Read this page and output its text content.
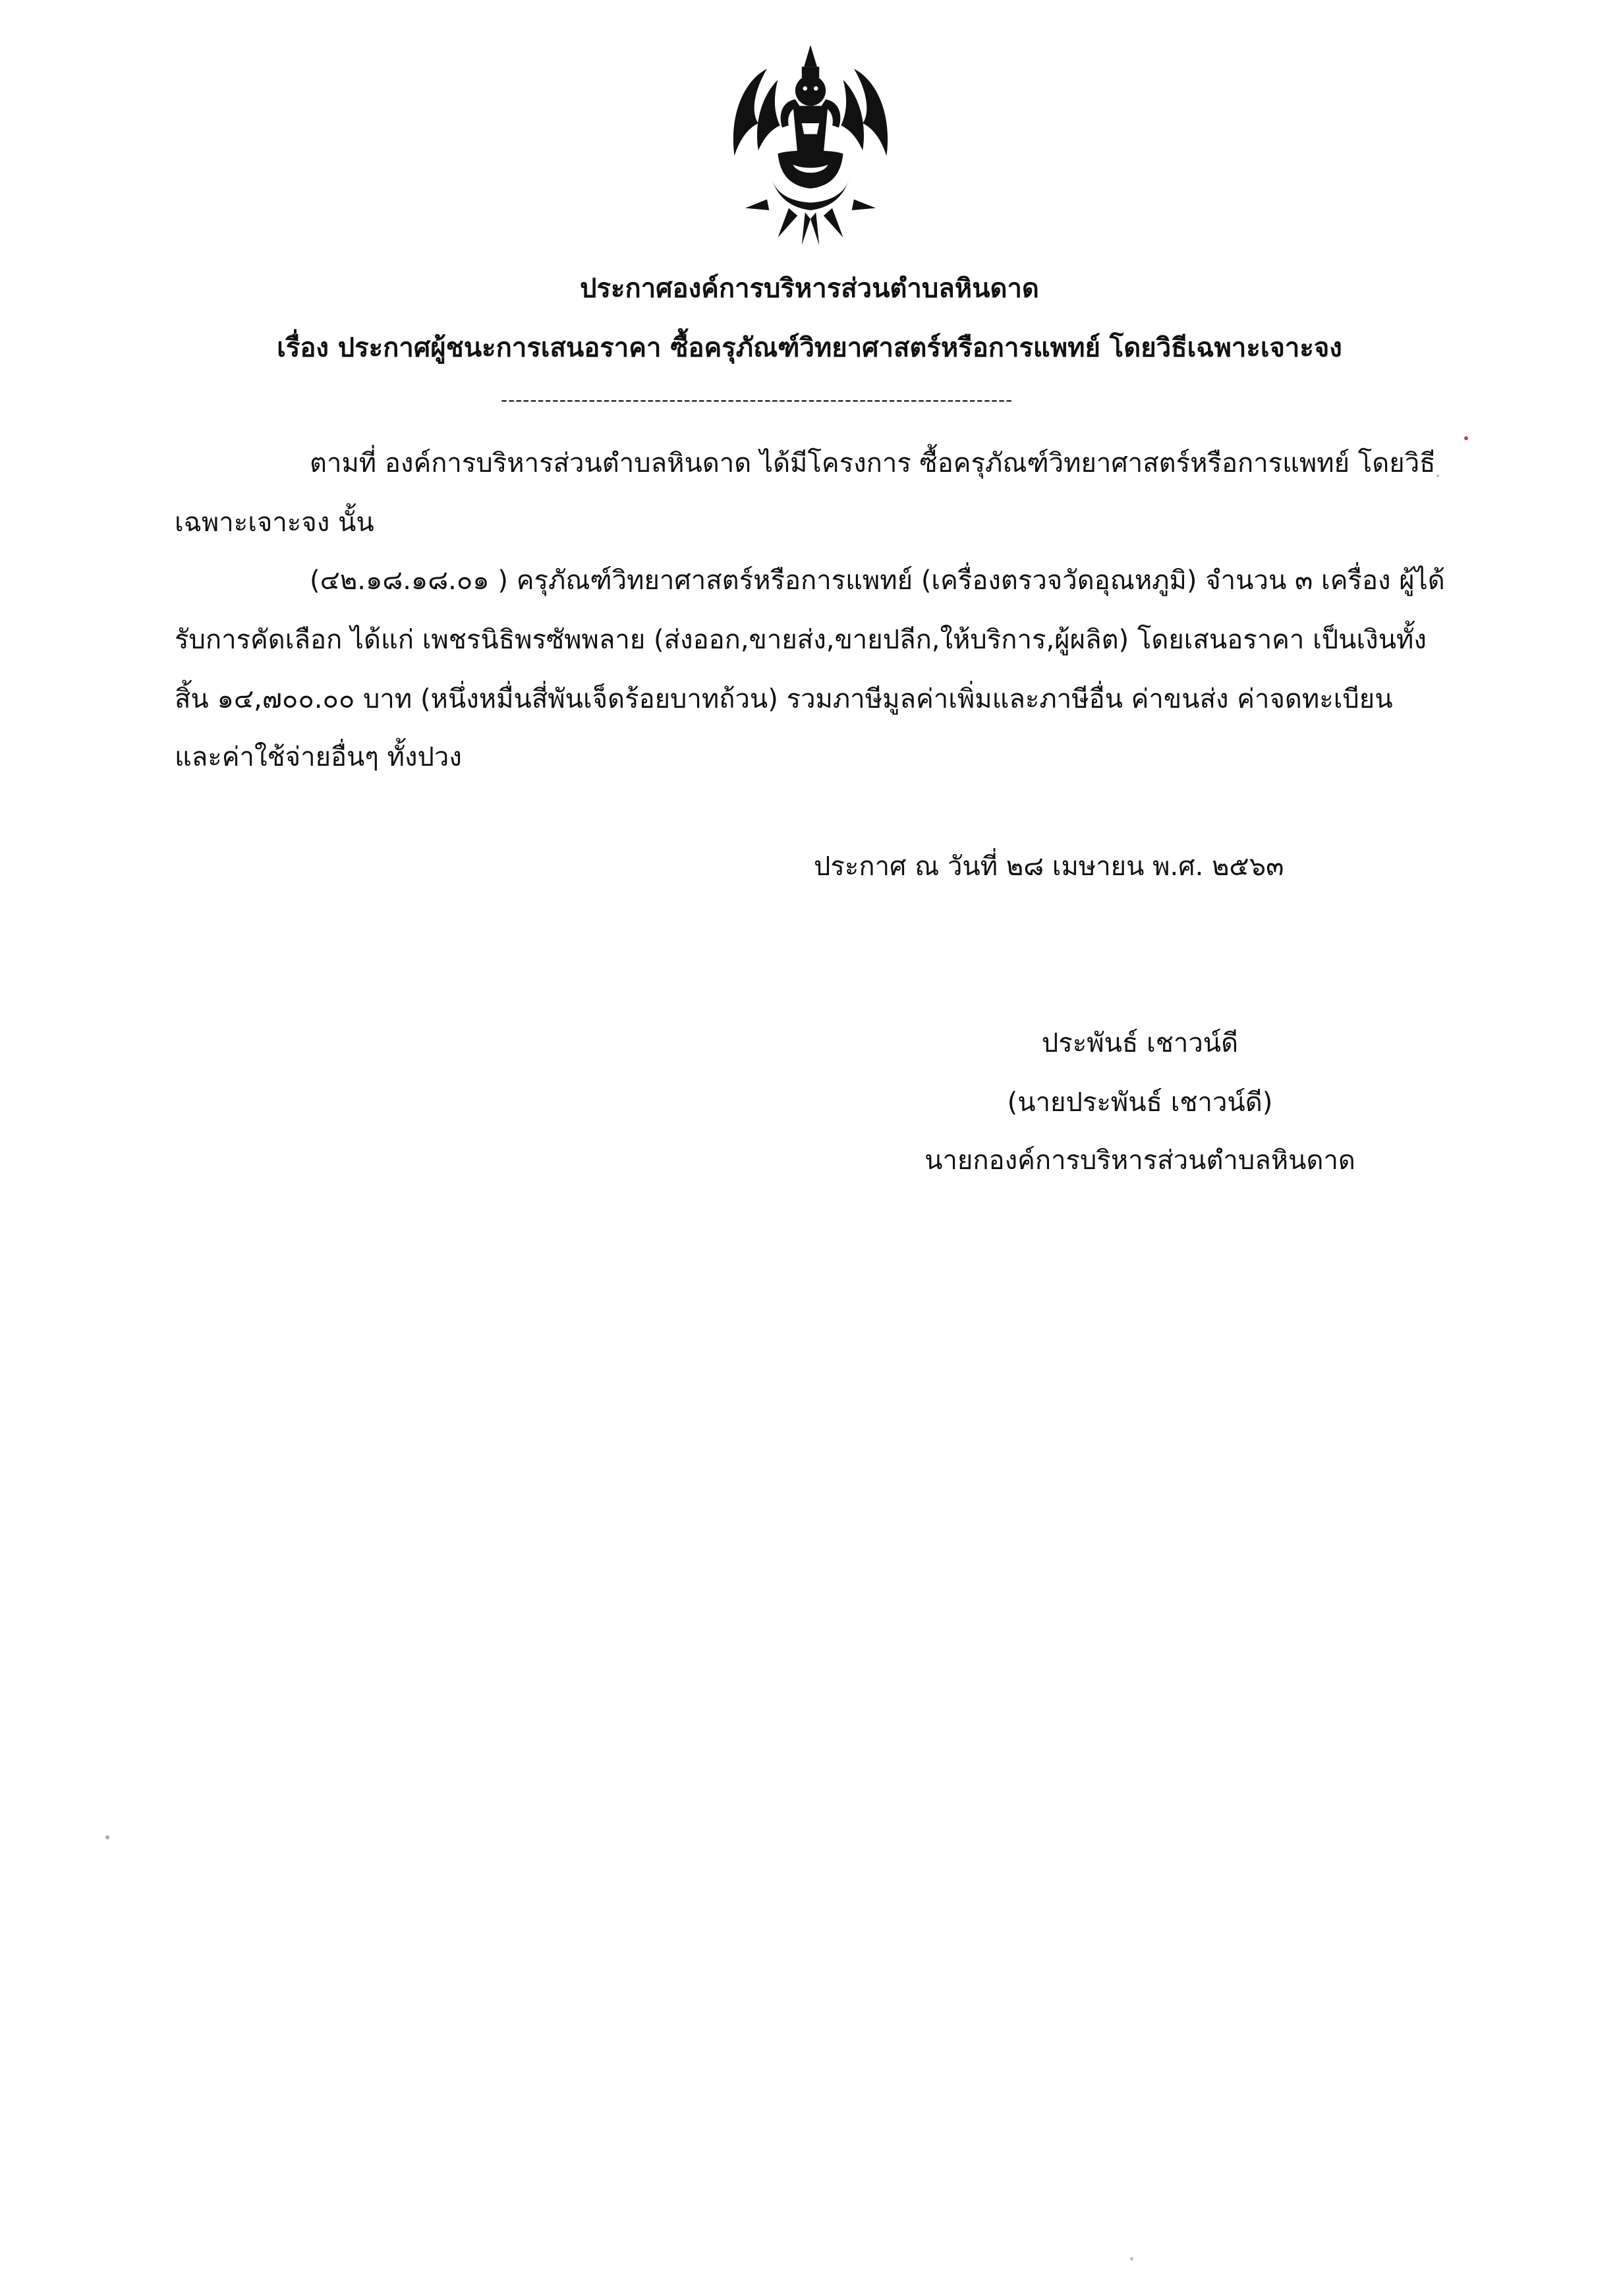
ประกาศองค์การบริหารส่วนตำบลหินดาด
เรื่อง ประกาศผู้ชนะการเสนอราคา ซื้อครุภัณฑ์วิทยาศาสตร์หรือการแพทย์ โดยวิธีเฉพาะเจาะจง
----------------------------------------------------------------------
ตามที่ องค์การบริหารส่วนตำบลหินดาด ได้มีโครงการ ซื้อครุภัณฑ์วิทยาศาสตร์หรือการแพทย์ โดยวิธี
เฉพาะเจาะจง นั้น
(๔๒.๑๘.๑๘.๐๑ ) ครุภัณฑ์วิทยาศาสตร์หรือการแพทย์ (เครื่องตรวจวัดอุณหภูมิ) จำนวน ๓ เครื่อง ผู้ได้
รับการคัดเลือก ได้แก่ เพชรนิธิพรซัพพลาย (ส่งออก,ขายส่ง,ขายปลีก,ให้บริการ,ผู้ผลิต) โดยเสนอราคา เป็นเงินทั้ง
สิ้น ๑๔,๗๐๐.๐๐ บาท (หนึ่งหมื่นสี่พันเจ็ดร้อยบาทถ้วน) รวมภาษีมูลค่าเพิ่มและภาษีอื่น ค่าขนส่ง ค่าจดทะเบียน
และค่าใช้จ่ายอื่นๆ ทั้งปวง
ประกาศ ณ วันที่ ๒๘ เมษายน พ.ศ. ๒๕๖๓
ประพันธ์ เชาวน์ดี
(นายประพันธ์ เชาวน์ดี)
นายกองค์การบริหารส่วนตำบลหินดาด
